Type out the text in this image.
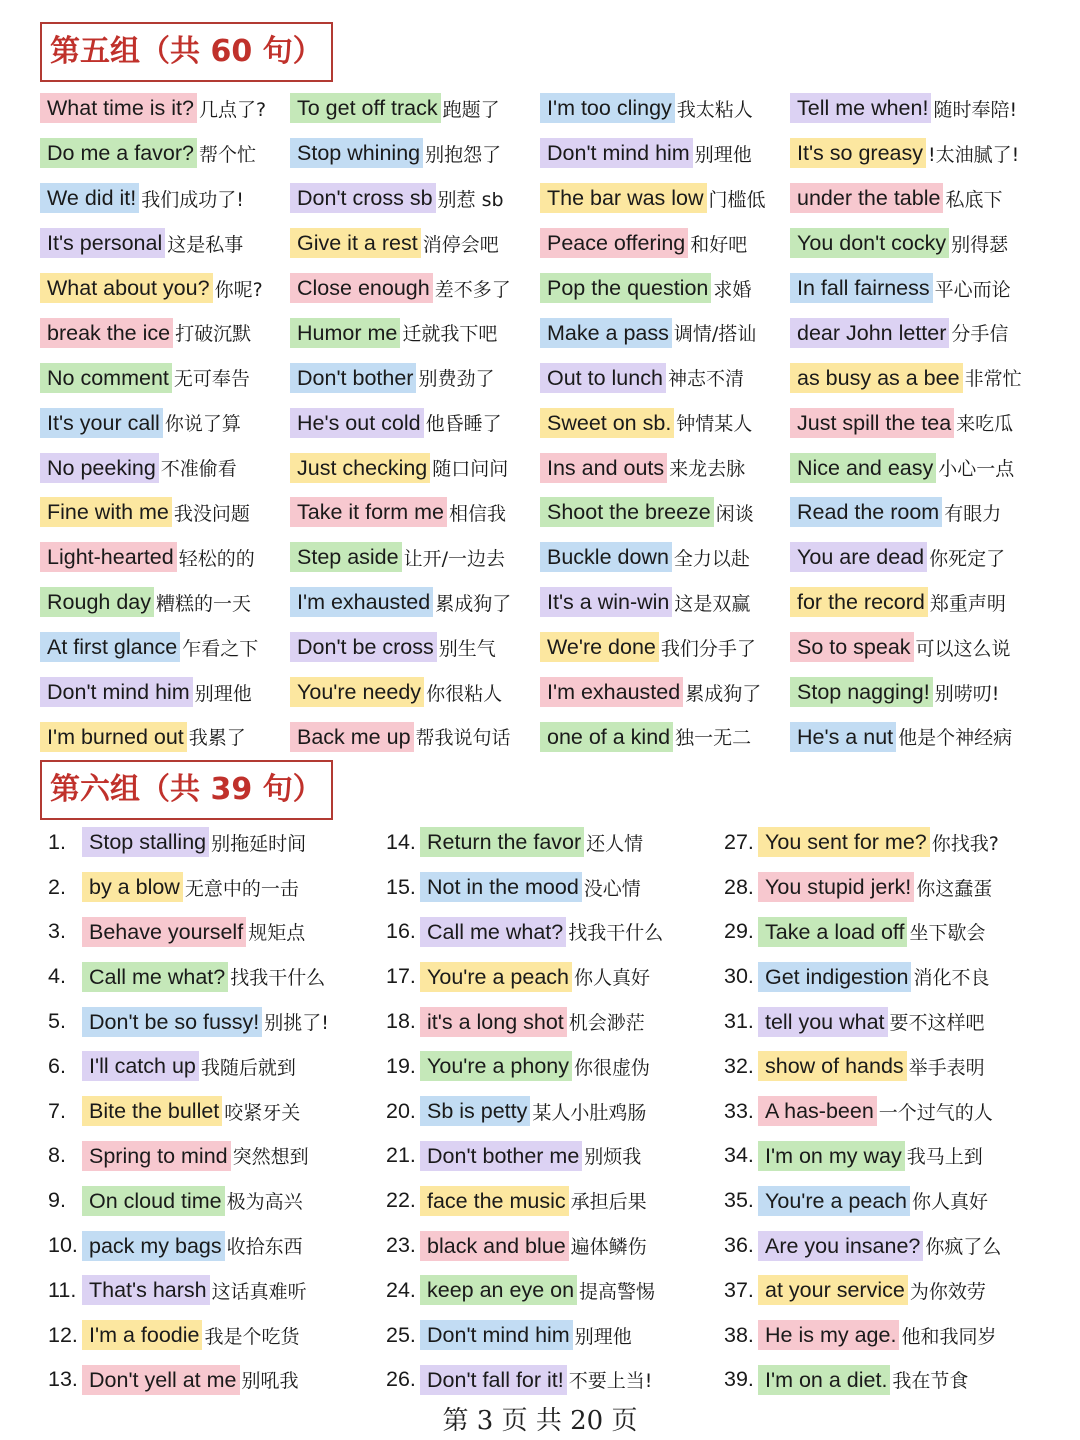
第五组（共 60 句）
What time is it? 几点了?	To get off track 跑题了	I'm too clingy 我太粘人	Tell me when! 随时奉陪!
Do me a favor? 帮个忙	Stop whining 别抱怨了	Don't mind him 别理他	It's so greasy !太油腻了!
We did it! 我们成功了!	Don't cross sb 别惹 sb	The bar was low 门槛低	under the table 私底下
It's personal 这是私事	Give it a rest 消停会吧	Peace offering 和好吧	You don't cocky 别得瑟
What about you? 你呢?	Close enough 差不多了	Pop the question 求婚	In fall fairness 平心而论
break the ice 打破沉默	Humor me 迁就我下吧	Make a pass 调情/搭讪	dear John letter 分手信
No comment 无可奉告	Don't bother 别费劲了	Out to lunch 神志不清	as busy as a bee 非常忙
It's your call 你说了算	He's out cold 他昏睡了	Sweet on sb. 钟情某人	Just spill the tea 来吃瓜
No peeking 不准偷看	Just checking 随口问问	Ins and outs 来龙去脉	Nice and easy 小心一点
Fine with me 我没问题	Take it form me 相信我	Shoot the breeze 闲谈	Read the room 有眼力
Light-hearted 轻松的的	Step aside 让开/一边去	Buckle down 全力以赴	You are dead 你死定了
Rough day 糟糕的一天	I'm exhausted 累成狗了	It's a win-win 这是双赢	for the record 郑重声明
At first glance 乍看之下	Don't be cross 别生气	We're done 我们分手了	So to speak 可以这么说
Don't mind him 别理他	You're needy 你很粘人	I'm exhausted 累成狗了	Stop nagging! 别唠叨!
I'm burned out 我累了	Back me up 帮我说句话	one of a kind 独一无二	He's a nut 他是个神经病
第六组（共 39 句）
1.	Stop stalling 别拖延时间	14. Return the favor 还人情	27. You sent for me? 你找我?
2.	by a blow 无意中的一击	15. Not in the mood 没心情	28. You stupid jerk! 你这蠢蛋
3.	Behave yourself 规矩点	16. Call me what? 找我干什么	29. Take a load off 坐下歇会
4.	Call me what? 找我干什么	17. You're a peach 你人真好	30. Get indigestion 消化不良
5.	Don't be so fussy! 别挑了!	18. it's a long shot 机会渺茫	31. tell you what 要不这样吧
6.	I'll catch up 我随后就到	19. You're a phony 你很虚伪	32. show of hands 举手表明
7.	Bite the bullet 咬紧牙关	20. Sb is petty 某人小肚鸡肠	33. A has-been 一个过气的人
8.	Spring to mind 突然想到	21. Don't bother me 别烦我	34. I'm on my way 我马上到
9.	On cloud time 极为高兴	22. face the music 承担后果	35. You're a peach 你人真好
10. pack my bags 收拾东西	23. black and blue 遍体鳞伤	36. Are you insane? 你疯了么
11. That's harsh 这话真难听	24. keep an eye on 提高警惕	37. at your service 为你效劳
12. I'm a foodie 我是个吃货	25. Don't mind him 别理他	38. He is my age. 他和我同岁
13. Don't yell at me 别吼我	26. Don't fall for it! 不要上当!	39. I'm on a diet. 我在节食
第 3 页 共 20 页
